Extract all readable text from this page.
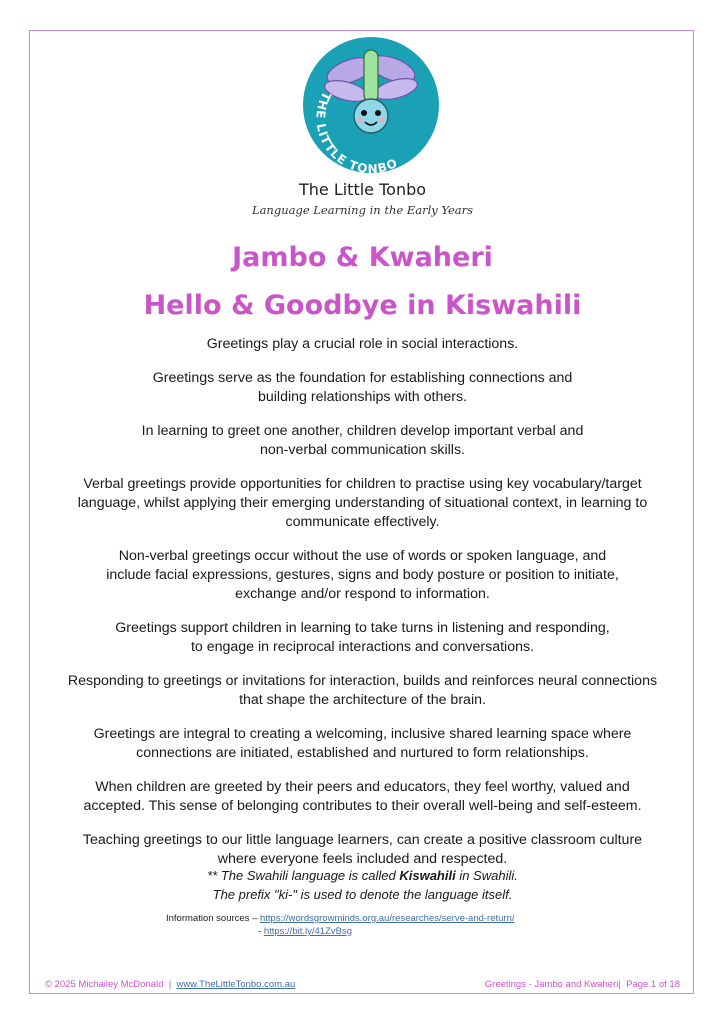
THE LITTLE TONBO
The Little Tonbo
Language Learning in the Early Years
Jambo & Kwaheri
Hello & Goodbye in Kiswahili

Greetings play a crucial role in social interactions.

Greetings serve as the foundation for establishing connections and
building relationships with others.

In learning to greet one another, children develop important verbal and
non-verbal communication skills.

Verbal greetings provide opportunities for children to practise using key vocabulary/target
language, whilst applying their emerging understanding of situational context, in learning to
communicate effectively.

Non-verbal greetings occur without the use of words or spoken language, and
include facial expressions, gestures, signs and body posture or position to initiate,
exchange and/or respond to information.

Greetings support children in learning to take turns in listening and responding,
to engage in reciprocal interactions and conversations.

Responding to greetings or invitations for interaction, builds and reinforces neural connections
that shape the architecture of the brain.

Greetings are integral to creating a welcoming, inclusive shared learning space where
connections are initiated, established and nurtured to form relationships.

When children are greeted by their peers and educators, they feel worthy, valued and
accepted. This sense of belonging contributes to their overall well-being and self-esteem.

Teaching greetings to our little language learners, can create a positive classroom culture
where everyone feels included and respected.

** The Swahili language is called Kiswahili in Swahili.
The prefix "ki-" is used to denote the language itself.
Information sources – https://wordsgrowminds.org.au/researches/serve-and-return/
- https://bit.ly/41ZvBsg
© 2025 Michailey McDonald  |  www.TheLittleTonbo.com.au	Greetings - Jambo and Kwaheri|  Page 1 of 18
